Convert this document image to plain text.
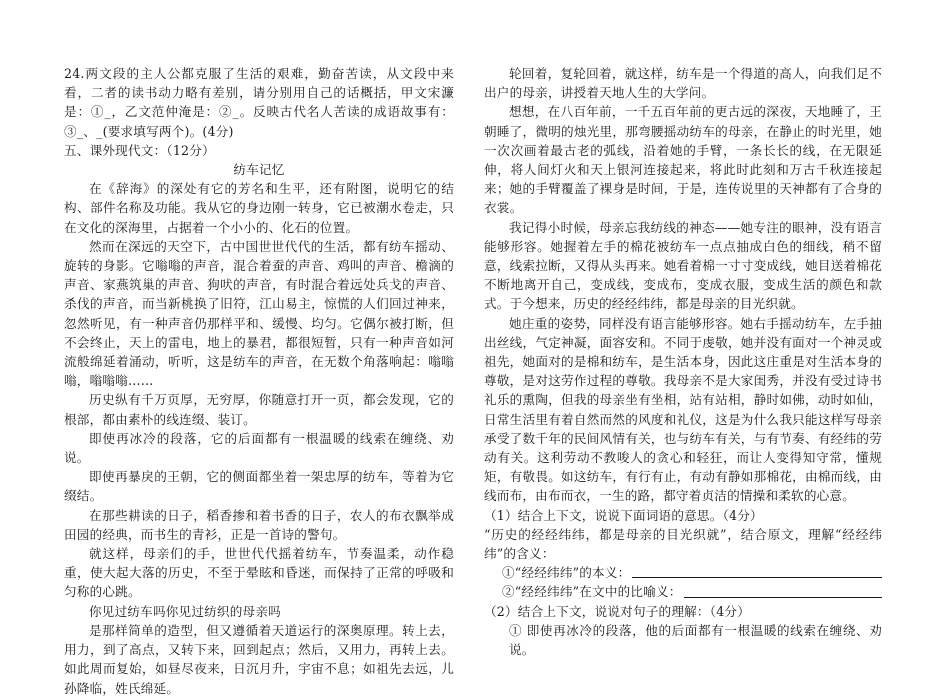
24.两文段的主人公都克服了生活的艰难，勤奋苦读，从文段中来看，二者的读书动力略有差别，请分别用自己的话概括，甲文宋濂是：①_，乙文范仲淹是：②_。反映古代名人苦读的成语故事有：③_、_(要求填写两个)。(4分)

五、课外现代文：（12分）

纺车记忆

在《辞海》的深处有它的芳名和生平，还有附图，说明它的结构、部件名称及功能。我从它的身边刚一转身，它已被潮水卷走，只在文化的深海里，占据着一个小小的、化石的位置。

然而在深远的天空下，古中国世世代代的生活，都有纺车摇动、旋转的身影。它嗡嗡的声音，混合着蚕的声音、鸡叫的声音、檐滴的声音、家燕筑巢的声音、狗吠的声音，有时混合着远处兵戈的声音、杀伐的声音，而当新桃换了旧符，江山易主，惊慌的人们回过神来，忽然听见，有一种声音仍那样平和、缓慢、均匀。它偶尔被打断，但不会终止，天上的雷电，地上的暴君，都很短暂，只有一种声音如河流般绵延着涌动，听听，这是纺车的声音，在无数个角落响起：嗡嗡嗡，嗡嗡嗡……

历史纵有千万页厚，无穷厚，你随意打开一页，都会发现，它的根部，都由素朴的线连缀、装订。

即使再冰冷的段落，它的后面都有一根温暖的线索在缠绕、劝说。

即使再暴戾的王朝，它的侧面都坐着一架忠厚的纺车，等着为它缀结。

在那些耕读的日子，稻香掺和着书香的日子，农人的布衣飘举成田园的经典，而书生的青衫，正是一首诗的警句。

就这样，母亲们的手，世世代代摇着纺车，节奏温柔，动作稳重，使大起大落的历史，不至于晕眩和昏迷，而保持了正常的呼吸和匀称的心跳。

你见过纺车吗你见过纺织的母亲吗

是那样简单的造型，但又遵循着天道运行的深奥原理。转上去，用力，到了高点，又转下来，回到起点；然后，又用力，再转上去。如此周而复始，如昼尽夜来，日沉月升，宇宙不息；如祖先去远，儿孙降临，姓氏绵延。

轮回着，复轮回着，就这样，纺车是一个得道的高人，向我们足不出户的母亲，讲授着天地人生的大学问。

想想，在八百年前，一千五百年前的更古远的深夜，天地睡了，王朝睡了，微明的烛光里，那弯腰摇动纺车的母亲，在静止的时光里，她一次次画着最古老的弧线，沿着她的手臂，一条长长的线，在无限延伸，将人间灯火和天上银河连接起来，将此时此刻和万古千秋连接起来；她的手臂覆盖了裸身是时间，于是，连传说里的天神都有了合身的衣裳。

我记得小时候，母亲忘我纺线的神态——她专注的眼神，没有语言能够形容。她握着左手的棉花被纺车一点点抽成白色的细线，稍不留意，线索拉断，又得从头再来。她看着棉一寸寸变成线，她目送着棉花不断地离开自己，变成线，变成布，变成衣服，变成生活的颜色和款式。于今想来，历史的经经纬纬，都是母亲的目光织就。

她庄重的姿势，同样没有语言能够形容。她右手摇动纺车，左手抽出丝线，气定神凝，面容安和。不同于虔敬，她并没有面对一个神灵或祖先，她面对的是棉和纺车，是生活本身，因此这庄重是对生活本身的尊敬，是对这劳作过程的尊敬。我母亲不是大家闺秀，并没有受过诗书礼乐的熏陶，但我的母亲坐有坐相，站有站相，静时如佛，动时如仙，日常生活里有着自然而然的风度和礼仪，这是为什么我只能这样写母亲承受了数千年的民间风情有关，也与纺车有关，与有节奏、有经纬的劳动有关。这利劳动不教唆人的贪心和轻狂，而让人变得知守常，懂规矩，有敬畏。如这纺车，有行有止，有动有静如那棉花，由棉而线，由线而布，由布而衣，一生的路，都守着贞洁的情操和柔软的心意。

（1）结合上下文，说说下面词语的意思。（4分）

“历史的经经纬纬，都是母亲的目光织就”，结合原文，理解“经经纬纬”的含义：

①“经经纬纬”的本义：
②“经经纬纬”在文中的比喻义：

（2）结合上下文，说说对句子的理解：（4分）

① 即使再冰冷的段落，他的后面都有一根温暖的线索在缠绕、劝说。
